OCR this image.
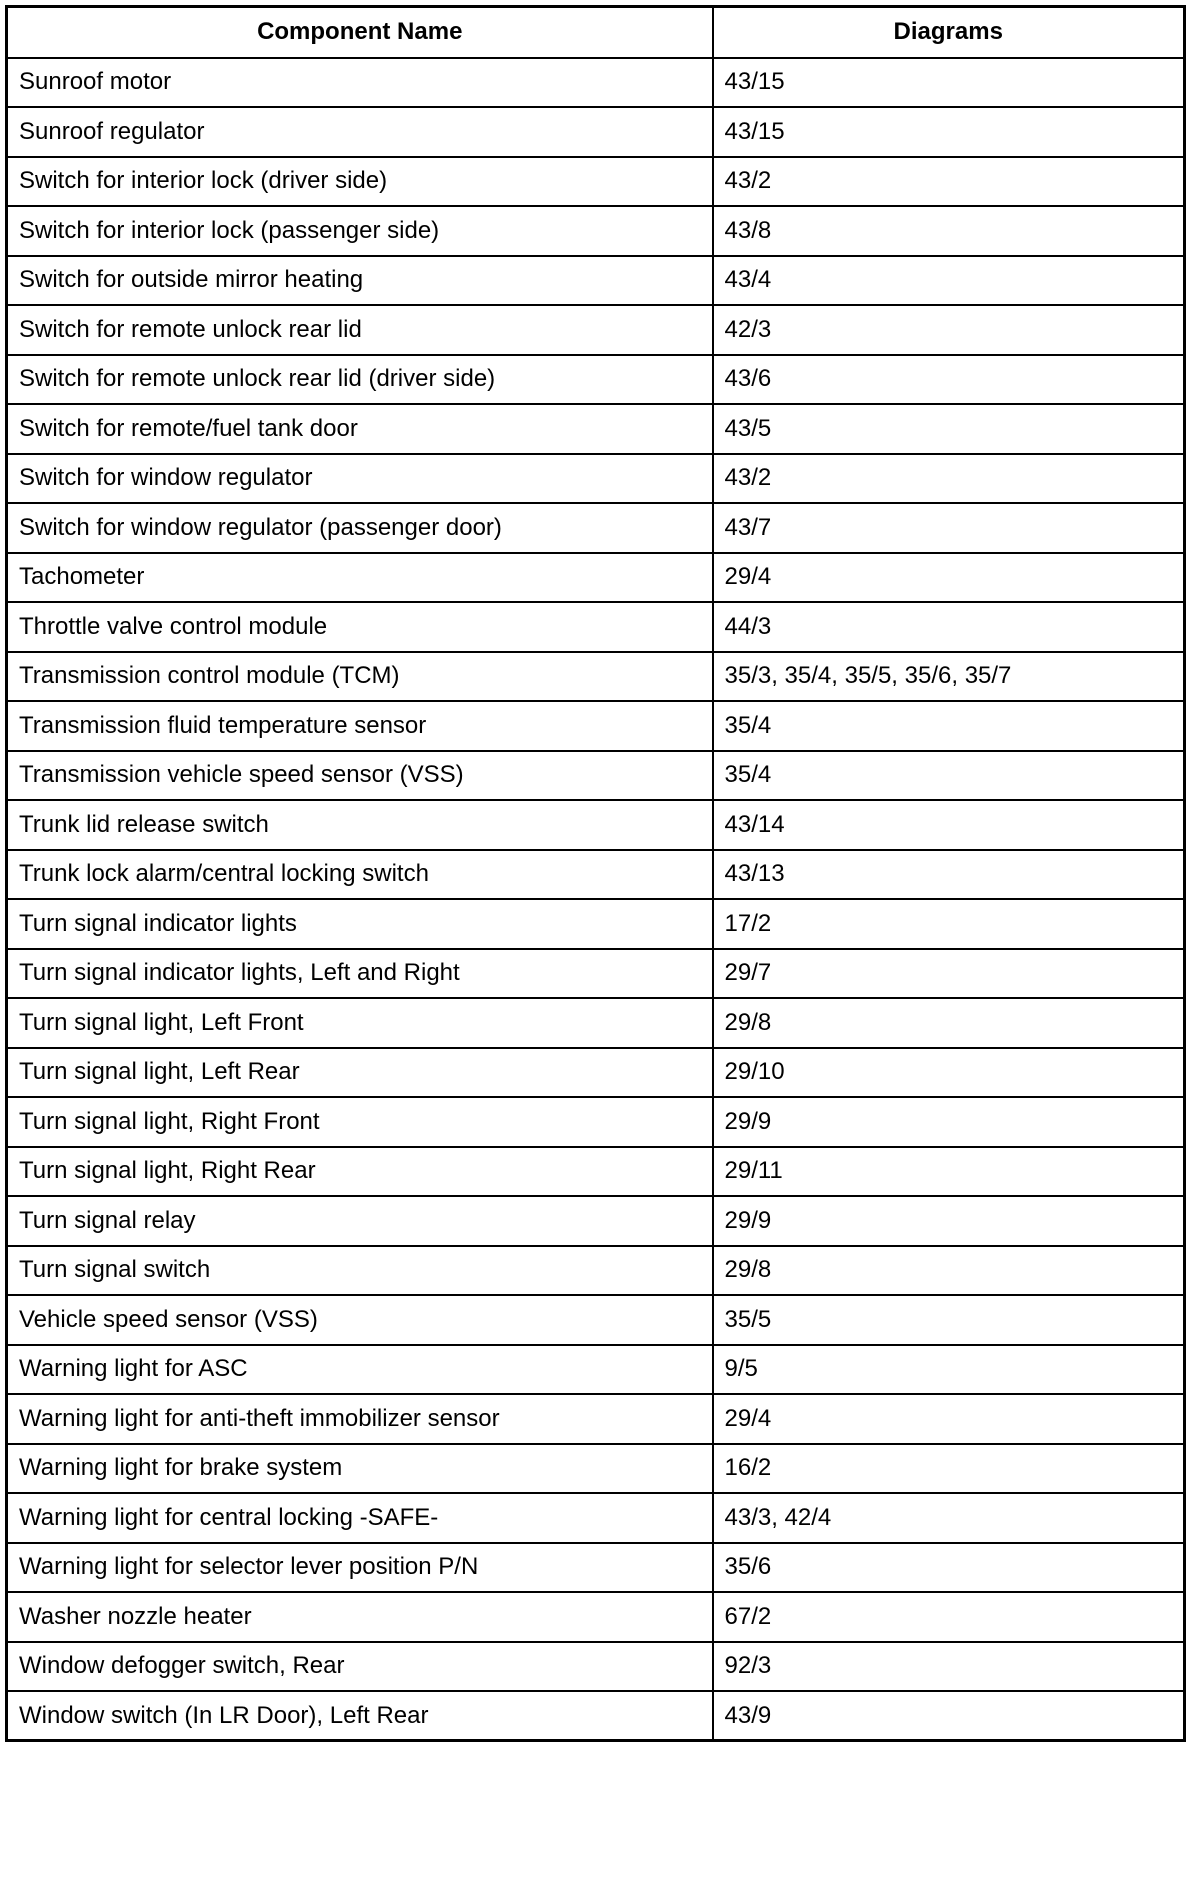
Component Name	Diagrams
Sunroof motor	43/15
Sunroof regulator	43/15
Switch for interior lock (driver side)	43/2
Switch for interior lock (passenger side)	43/8
Switch for outside mirror heating	43/4
Switch for remote unlock rear lid	42/3
Switch for remote unlock rear lid (driver side)	43/6
Switch for remote/fuel tank door	43/5
Switch for window regulator	43/2
Switch for window regulator (passenger door)	43/7
Tachometer	29/4
Throttle valve control module	44/3
Transmission control module (TCM)	35/3, 35/4, 35/5, 35/6, 35/7
Transmission fluid temperature sensor	35/4
Transmission vehicle speed sensor (VSS)	35/4
Trunk lid release switch	43/14
Trunk lock alarm/central locking switch	43/13
Turn signal indicator lights	17/2
Turn signal indicator lights, Left and Right	29/7
Turn signal light, Left Front	29/8
Turn signal light, Left Rear	29/10
Turn signal light, Right Front	29/9
Turn signal light, Right Rear	29/11
Turn signal relay	29/9
Turn signal switch	29/8
Vehicle speed sensor (VSS)	35/5
Warning light for ASC	9/5
Warning light for anti-theft immobilizer sensor	29/4
Warning light for brake system	16/2
Warning light for central locking -SAFE-	43/3, 42/4
Warning light for selector lever position P/N	35/6
Washer nozzle heater	67/2
Window defogger switch, Rear	92/3
Window switch (In LR Door), Left Rear	43/9
